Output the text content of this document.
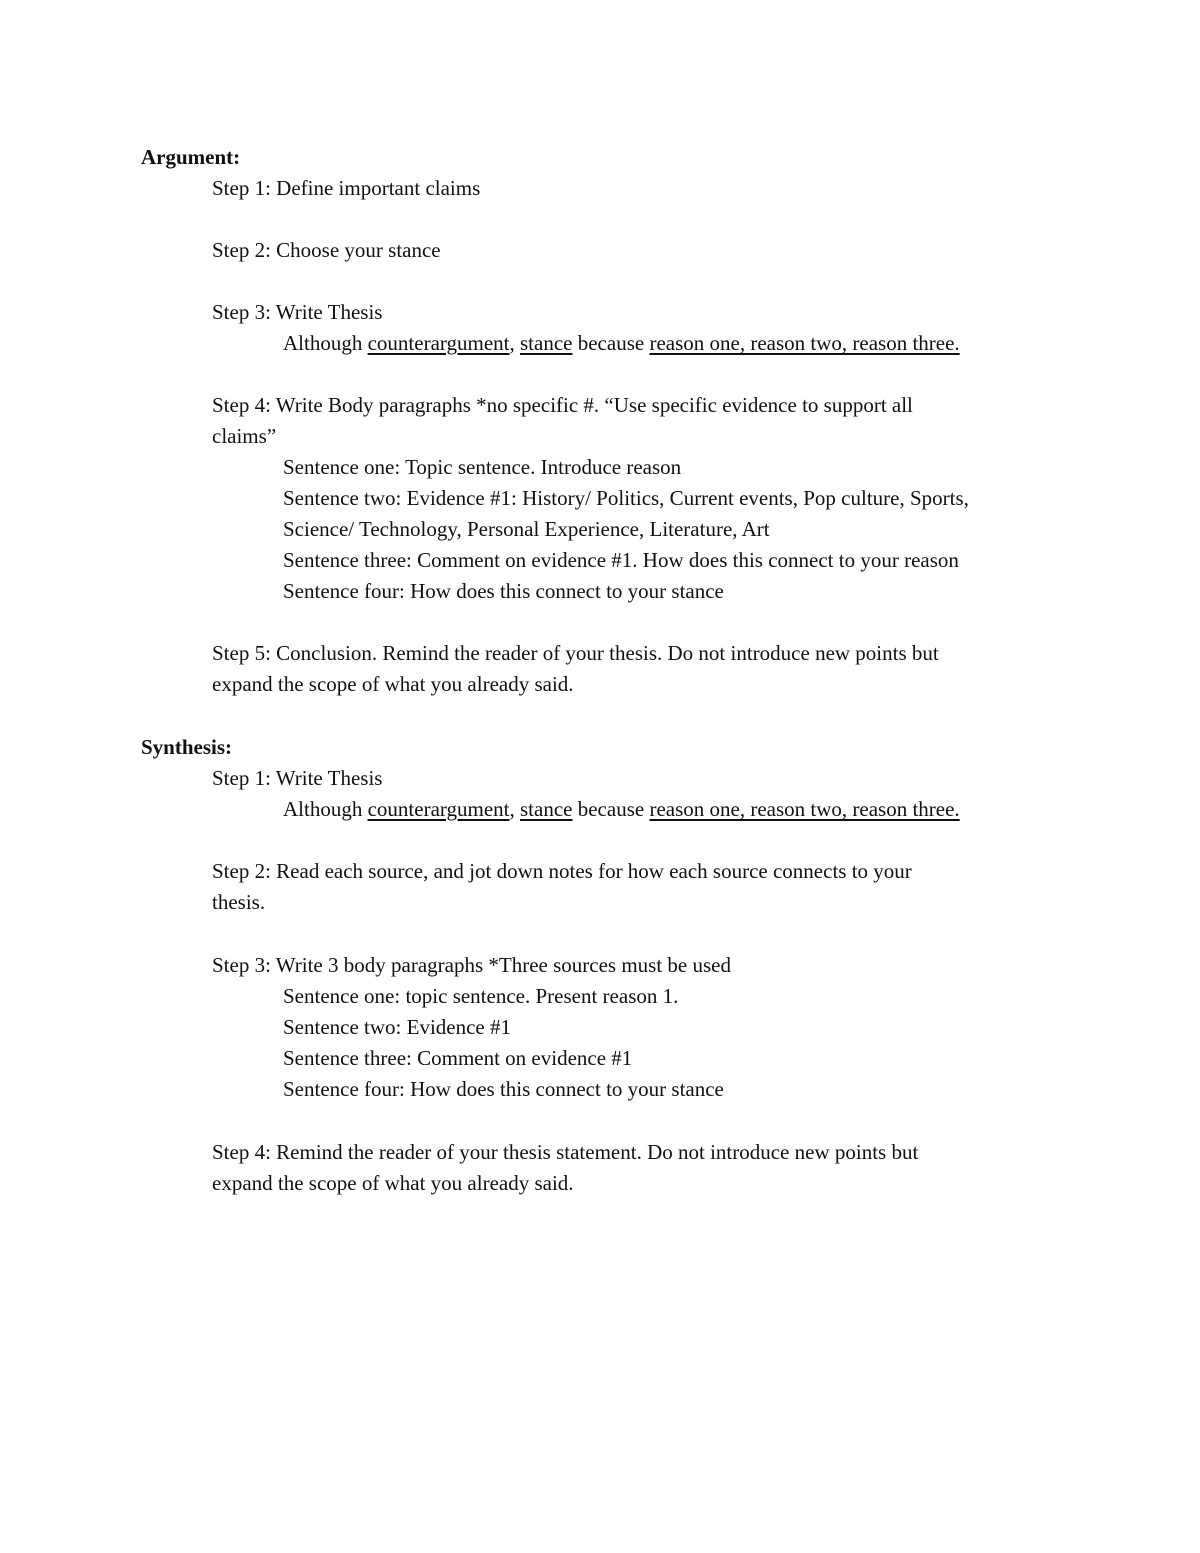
Argument:
Step 1: Define important claims
Step 2: Choose your stance
Step 3: Write Thesis
Although counterargument, stance because reason one, reason two, reason three.
Step 4: Write Body paragraphs *no specific #. “Use specific evidence to support all
claims”
Sentence one: Topic sentence. Introduce reason
Sentence two: Evidence #1: History/ Politics, Current events, Pop culture, Sports,
Science/ Technology, Personal Experience, Literature, Art
Sentence three: Comment on evidence #1. How does this connect to your reason
Sentence four: How does this connect to your stance
Step 5: Conclusion. Remind the reader of your thesis. Do not introduce new points but
expand the scope of what you already said.
Synthesis:
Step 1: Write Thesis
Although counterargument, stance because reason one, reason two, reason three.
Step 2: Read each source, and jot down notes for how each source connects to your
thesis.
Step 3: Write 3 body paragraphs *Three sources must be used
Sentence one: topic sentence. Present reason 1.
Sentence two: Evidence #1
Sentence three: Comment on evidence #1
Sentence four: How does this connect to your stance
Step 4: Remind the reader of your thesis statement. Do not introduce new points but
expand the scope of what you already said.
